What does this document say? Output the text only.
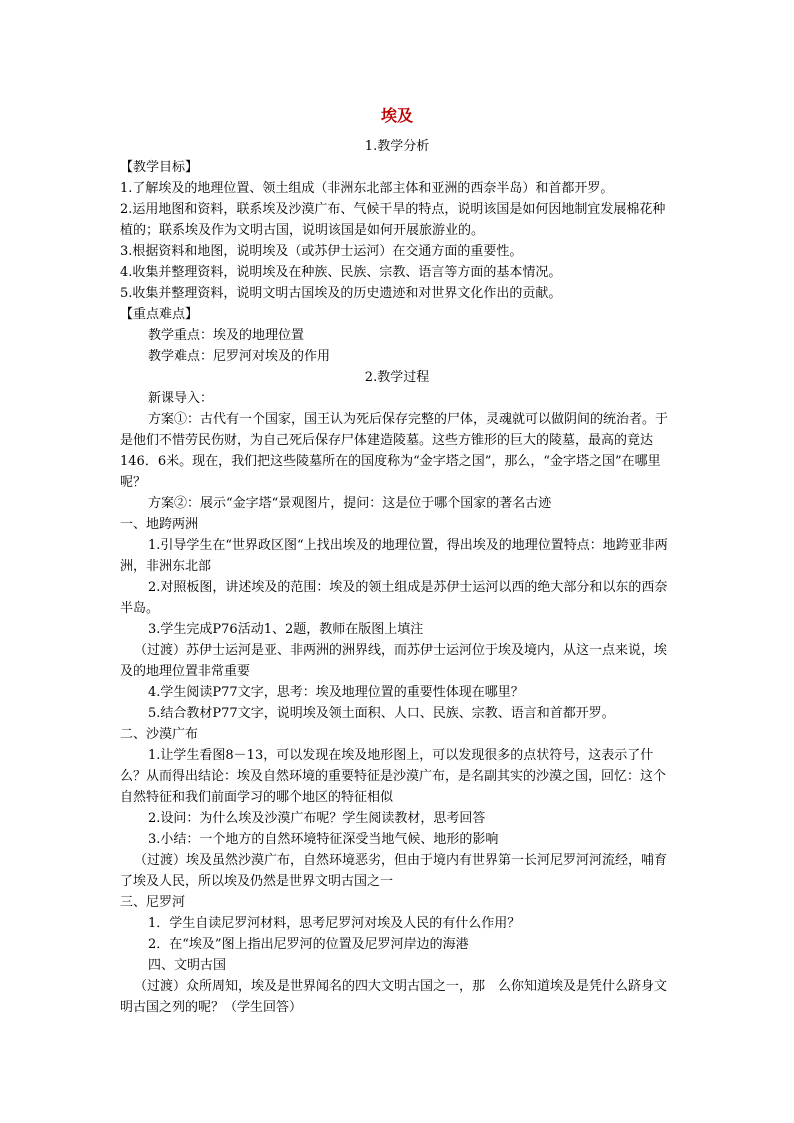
埃及

1.教学分析

【教学目标】

1.了解埃及的地理位置、领土组成（非洲东北部主体和亚洲的西奈半岛）和首都开罗。

2.运用地图和资料，联系埃及沙漠广布、气候干旱的特点，说明该国是如何因地制宜发展棉花种植的；联系埃及作为文明古国，说明该国是如何开展旅游业的。

3.根据资料和地图，说明埃及（或苏伊士运河）在交通方面的重要性。

4.收集并整理资料，说明埃及在种族、民族、宗教、语言等方面的基本情况。

5.收集并整理资料，说明文明古国埃及的历史遗迹和对世界文化作出的贡献。

【重点难点】

教学重点：埃及的地理位置

教学难点：尼罗河对埃及的作用

2.教学过程

新课导入：

方案①：古代有一个国家，国王认为死后保存完整的尸体，灵魂就可以做阴间的统治者。于是他们不惜劳民伤财，为自己死后保存尸体建造陵墓。这些方锥形的巨大的陵墓，最高的竟达146．6米。现在，我们把这些陵墓所在的国度称为“金字塔之国”，那么，“金字塔之国”在哪里呢？

方案②：展示“金字塔“景观图片，提问：这是位于哪个国家的著名古迹

一、地跨两洲

1.引导学生在“世界政区图“上找出埃及的地理位置，得出埃及的地理位置特点：地跨亚非两洲，非洲东北部

2.对照板图，讲述埃及的范围：埃及的领土组成是苏伊士运河以西的绝大部分和以东的西奈半岛。

3.学生完成P76活动1、2题，教师在版图上填注

（过渡）苏伊士运河是亚、非两洲的洲界线，而苏伊士运河位于埃及境内，从这一点来说，埃及的地理位置非常重要

4.学生阅读P77文字，思考：埃及地理位置的重要性体现在哪里？

5.结合教材P77文字，说明埃及领土面积、人口、民族、宗教、语言和首都开罗。

二、沙漠广布

1.让学生看图8－13，可以发现在埃及地形图上，可以发现很多的点状符号，这表示了什么？从而得出结论：埃及自然环境的重要特征是沙漠广布，是名副其实的沙漠之国，回忆：这个自然特征和我们前面学习的哪个地区的特征相似

2.设问：为什么埃及沙漠广布呢？学生阅读教材，思考回答

3.小结：一个地方的自然环境特征深受当地气候、地形的影响

（过渡）埃及虽然沙漠广布，自然环境恶劣，但由于境内有世界第一长河尼罗河河流经，哺育了埃及人民，所以埃及仍然是世界文明古国之一

三、尼罗河

1．学生自读尼罗河材料，思考尼罗河对埃及人民的有什么作用？

2．在“埃及”图上指出尼罗河的位置及尼罗河岸边的海港

四、文明古国

（过渡）众所周知，埃及是世界闻名的四大文明古国之一，那　么你知道埃及是凭什么跻身文明古国之列的呢？（学生回答）
